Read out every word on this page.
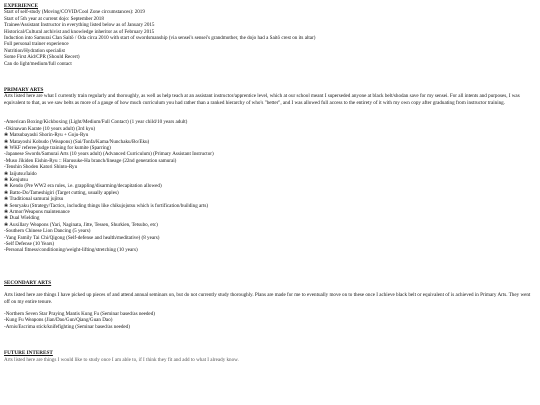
EXPERIENCE

Start of self-study (Moving/COVID/Cool Zone circumstances): 2019

Start of 5th year at current dojo: September 2018

Trainee/Assistant Instructor in everything listed below as of January 2015

Historical/Cultural archivist and knowledge inheritor as of February 2015

Induction into Samurai Clan Saitō / Oda circa 2010 with start of swordsmanship (via sensei's sensei's grandmother, the dojo had a Saitō crest on its altar)

Full personal trainer experience

Nutrition/Hydration specialist

Some First Aid/CPR (Should Recert)

Can do light/medium/full contact

PRIMARY ARTS

Arts listed here are what I currently train regularly and thoroughly, as well as help teach at an assistant instructor/apprentice level, which at our school meant I superseded anyone at black belt/shodan save for my sensei. For all intents and purposes, I was equivalent to that, as we saw belts as more of a gauge of how much curriculum you had rather than a ranked hierarchy of who's "better", and I was allowed full access to the entirety of it with my own copy after graduating from instructor training.

-American Boxing/Kickboxing (Light/Medium/Full Contact) (1 year child/10 years adult)

-Okinawan Karate (10 years adult) (3rd kyu)

❀ Matsubayashi Shorin-Ryu + Goju-Ryu

❀ Matayoshi Kobudo (Weapons) (Sai/Tonfa/Kama/Nunchaku/Bo/Eku)

❀ WKF referee/judge training for kumite (Sparring)

-Japanese Swords/Samurai Arts (10 years adult) (Advanced Curriculum) (Primary Assistant Instructor)

-Muso Jikiden Eishin-Ryu :: Harusuke-Ha branch/lineage (22nd generation samurai)

-Tenshin Shoden Katori Shinto-Ryu

❀ Iaijutsu/Iaido

❀ Kenjutsu

❀ Kendo (Pre WW2 era rules, i.e. grappling/disarming/decapitation allowed)

❀ Batto-Do/Tameshigiri (Target cutting, usually apples)

❀ Traditional samurai jujitsu

❀ Senryaku (Strategy/Tactics, including things like chikujojutsu which is fortification/building arts)

❀ Armor/Weapons maintenance

❀ Dual Wielding

❀ Auxillary Weapons (Yari, Naginata, Jitte, Tessen, Shurkien, Tetsubo, etc)

-Southern Chinese Lion Dancing (5 years)

-Yang Family Tai Chi/Qigong (Self-defense and health/meditative) (8 years)

-Self Defense (10 Years)

-Personal fitness/conditioning/weight-lifting/stretching (10 years)

SECONDARY ARTS

Arts listed here are things I have picked up pieces of and attend annual seminars on, but do not currently study thoroughly. Plans are made for me to eventually move on to these once I achieve black belt or equivalent of is achieved in Primary Arts. They went off on my entire tenure.

-Northern Seven Star Praying Mantis Kung Fu (Seminar based/as needed)

-Kung Fu Weapons (Jian/Dao/Gun/Qiang/Guan Dao)

-Arnis/Escrima stick/knifefighting (Seminar based/as needed)

FUTURE INTEREST

Arts listed here are things I would like to study once I am able to, if I think they fit and add to what I already know.
